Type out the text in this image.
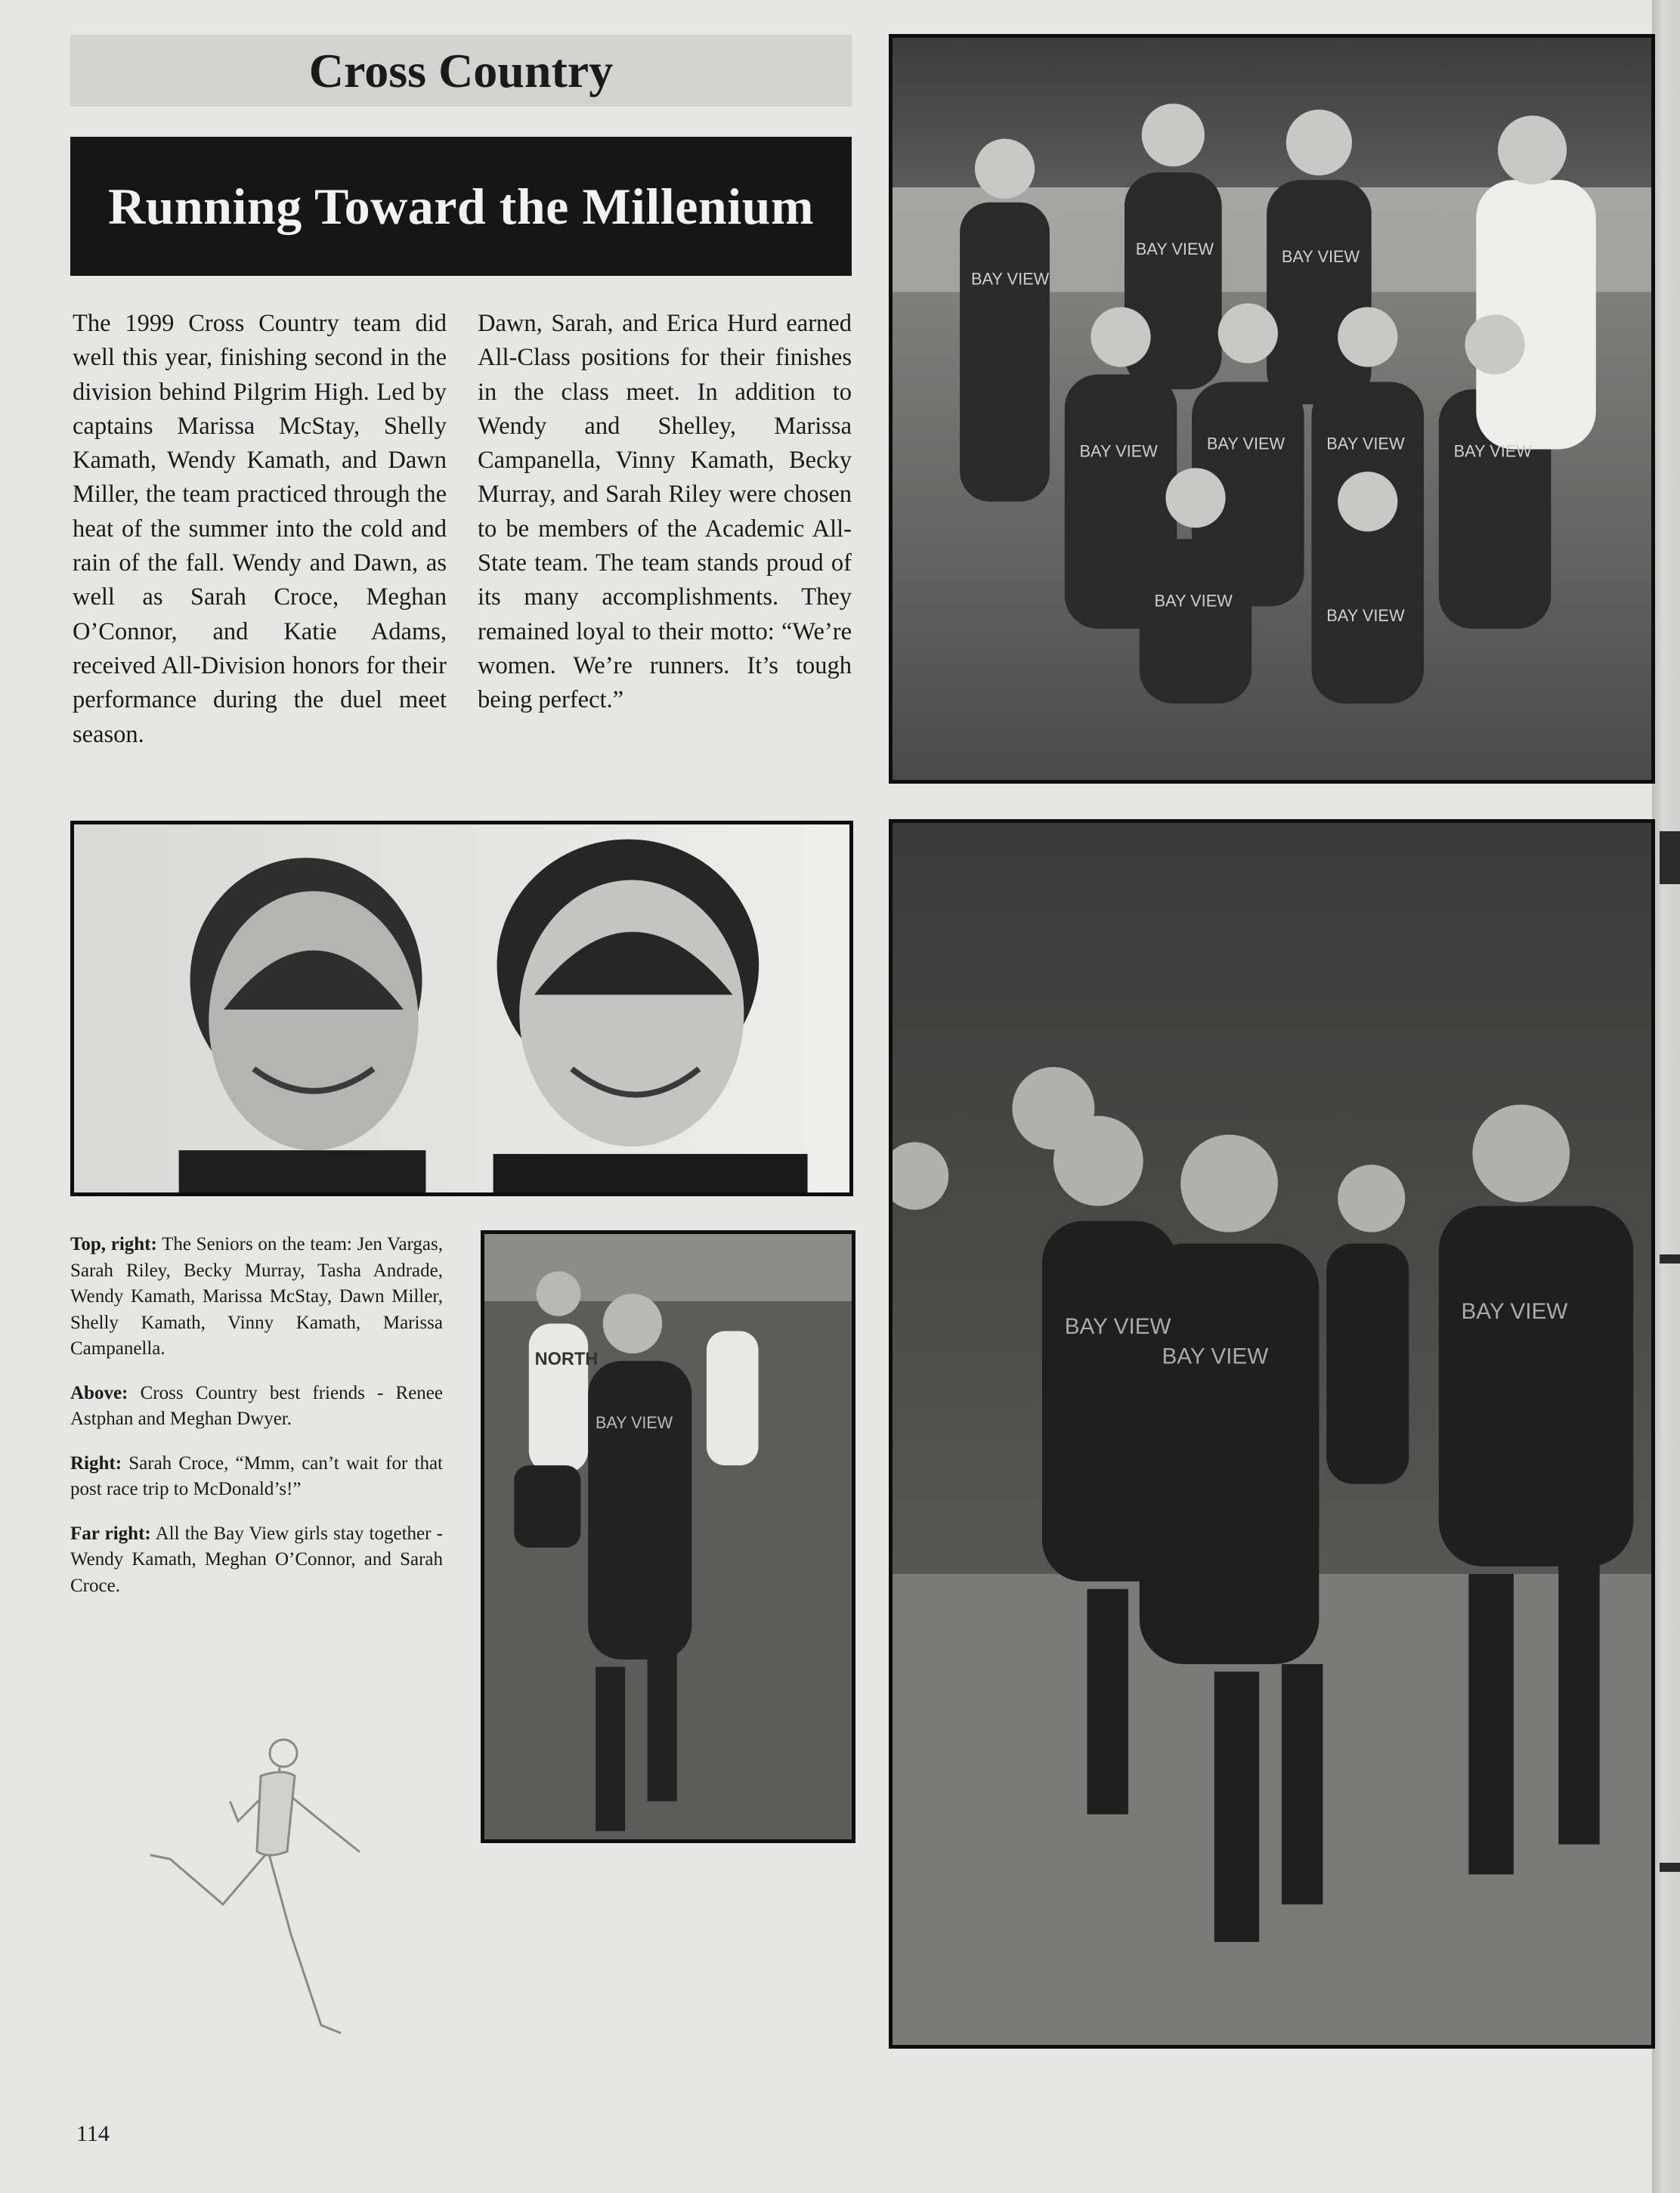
Cross Country
Running Toward the Millenium

The 1999 Cross Country team did well this year, finishing second in the division behind Pilgrim High. Led by captains Marissa McStay, Shelly Kamath, Wendy Kamath, and Dawn Miller, the team practiced through the heat of the summer into the cold and rain of the fall. Wendy and Dawn, as well as Sarah Croce, Meghan O’Connor, and Katie Adams, received All-Division honors for their performance during the duel meet season.

Dawn, Sarah, and Erica Hurd earned All-Class positions for their finishes in the class meet. In addition to Wendy and Shelley, Marissa Campanella, Vinny Kamath, Becky Murray, and Sarah Riley were chosen to be members of the Academic All-State team. The team stands proud of its many accomplishments. They remained loyal to their motto: “We’re women. We’re runners. It’s tough being perfect.”

BAY VIEW
BAY VIEW	BAY VIEW
BAY VIEW	BAY VIEW	BAY VIEW	BAY VIEW
BAY VIEW
BAY VIEW

Top, right: The Seniors on the team: Jen Vargas, Sarah Riley, Becky Murray, Tasha Andrade, Wendy Kamath, Marissa McStay, Dawn Miller, Shelly Kamath, Vinny Kamath, Marissa Campanella.

Above: Cross Country best friends - Renee Astphan and Meghan Dwyer.

Right: Sarah Croce, “Mmm, can’t wait for that post race trip to McDonald’s!”

Far right: All the Bay View girls stay together - Wendy Kamath, Meghan O’Connor, and Sarah Croce.

NORTH
BAY VIEW
BAY VIEW
BAY VIEW
BAY VIEW
114
